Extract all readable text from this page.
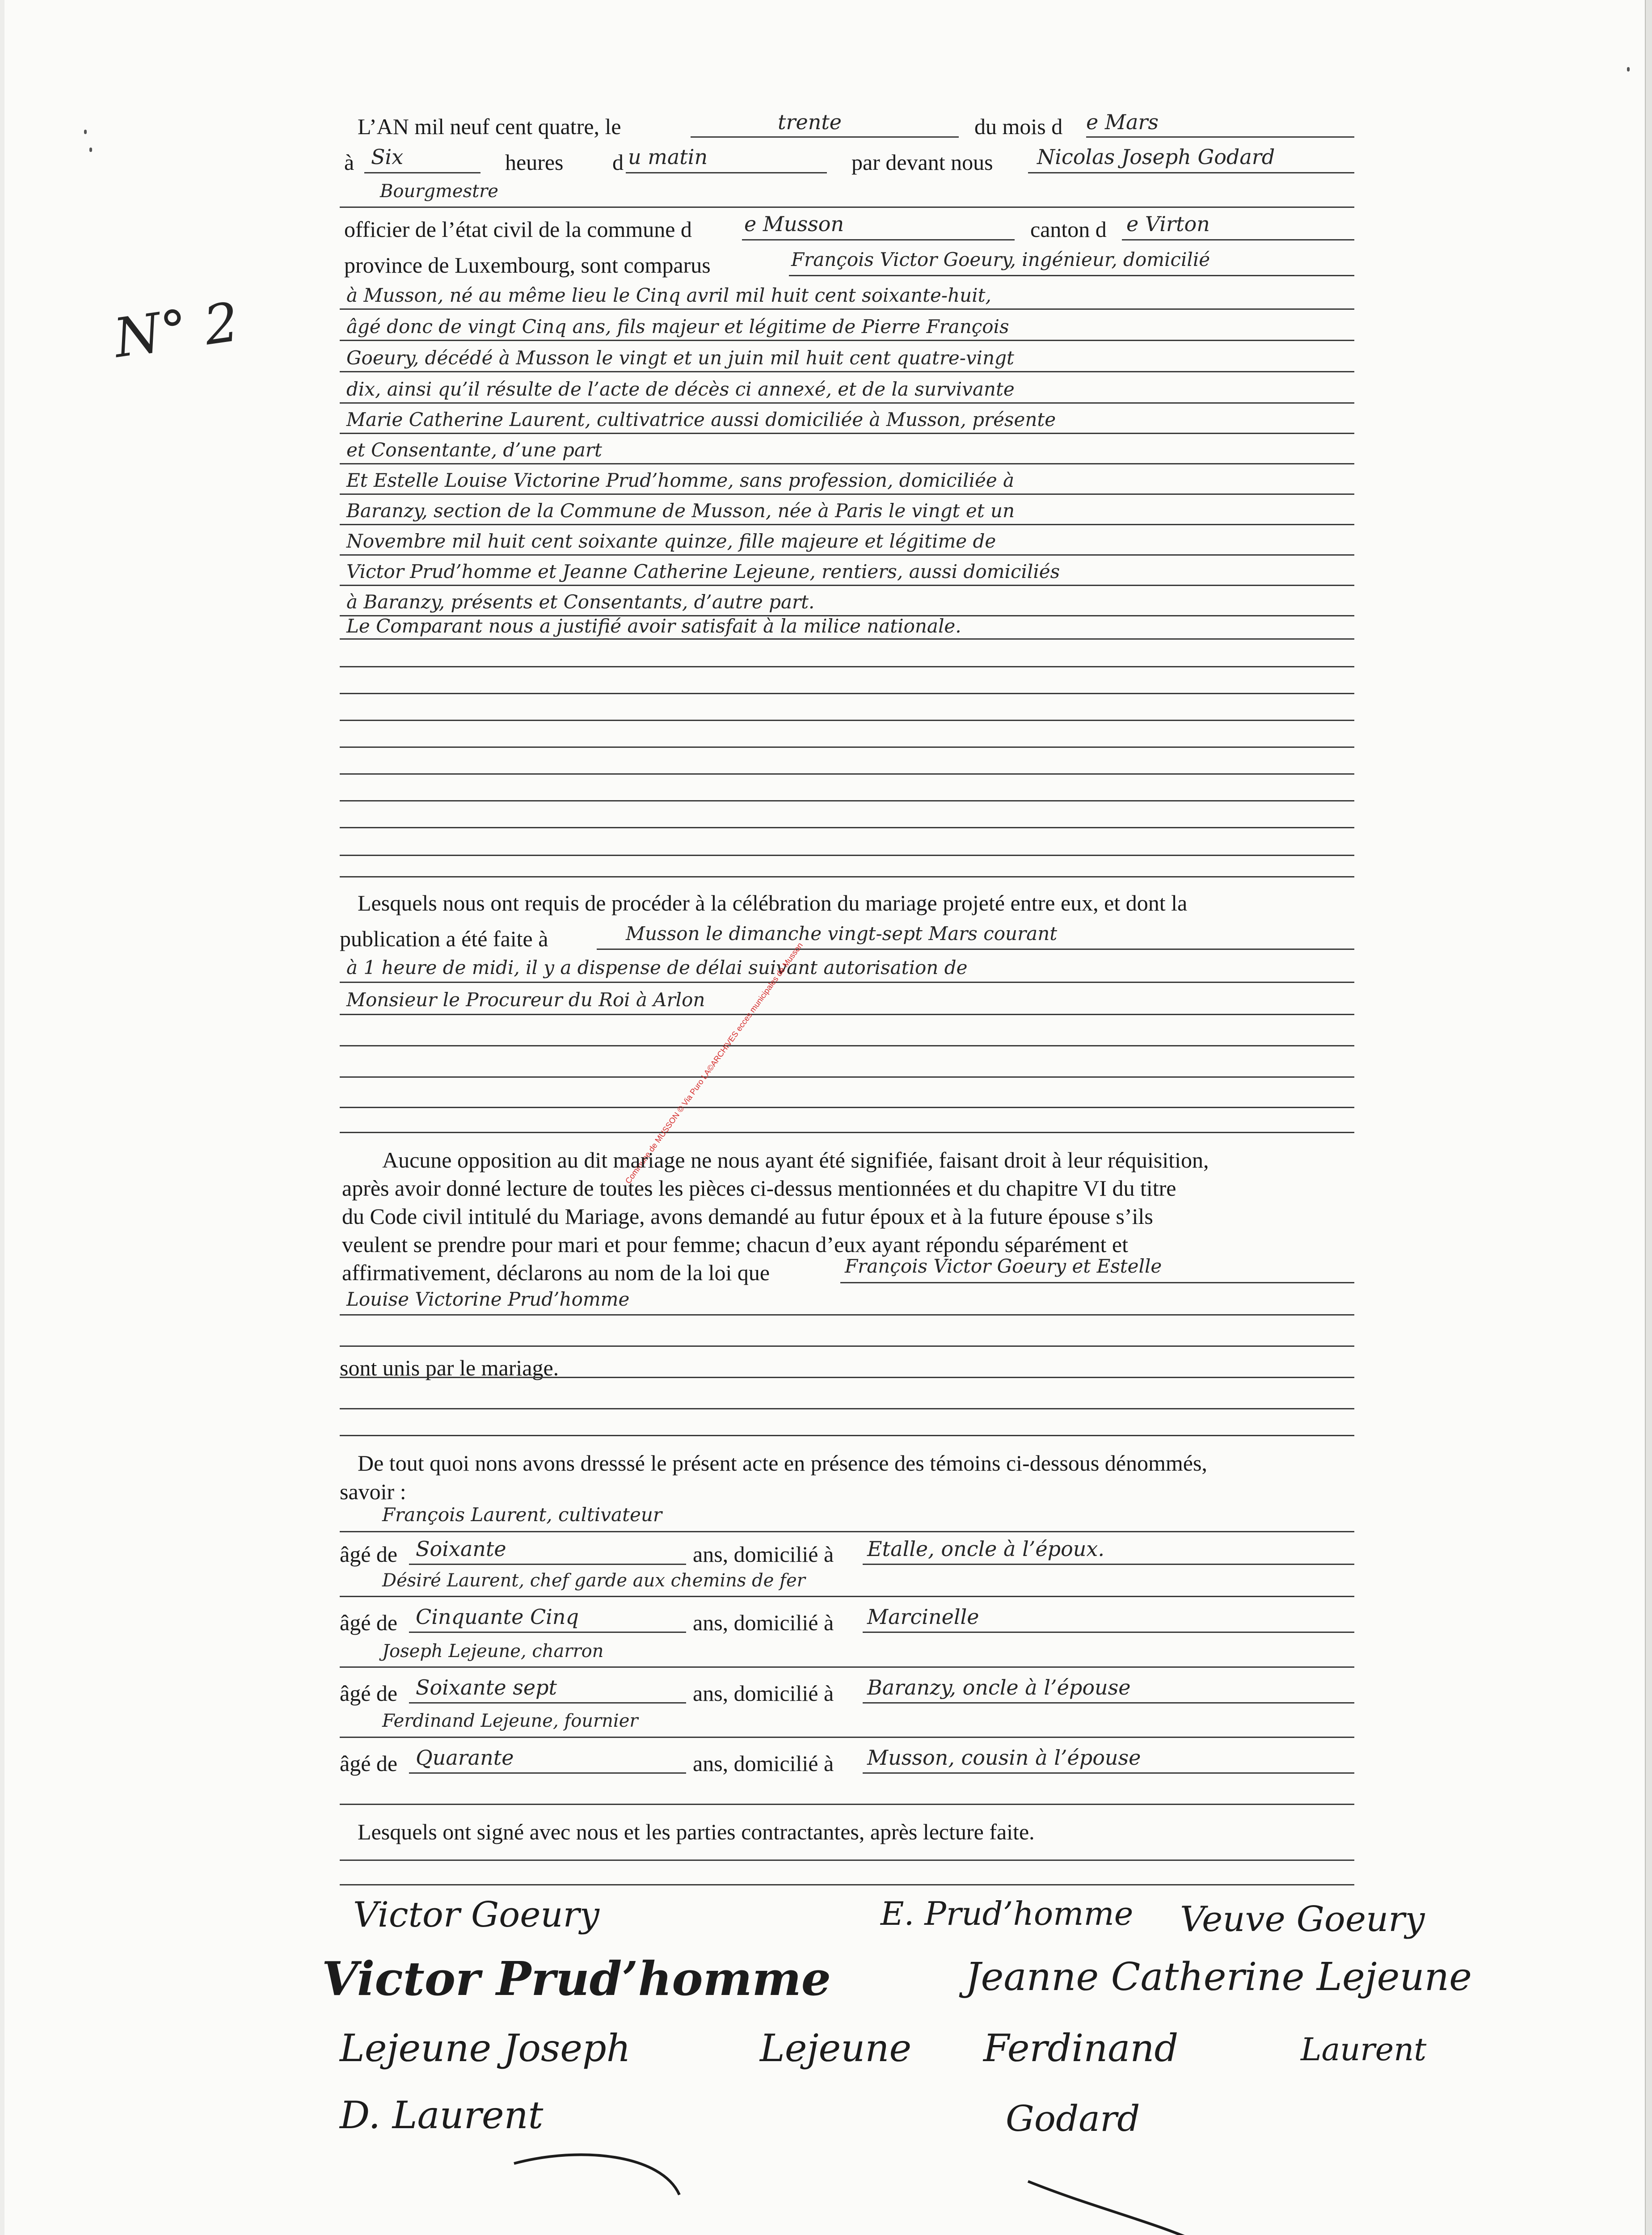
N° 2
L’AN mil neuf cent quatre, le	trente	du mois d e Mars
à Six	heures d u matin	par devant nous Nicolas Joseph Godard
Bourgmestre
officier de l’état civil de la commune d	e Musson	canton d e Virton
province de Luxembourg, sont comparus	François Victor Goeury, ingénieur, domicilié
à Musson, né au même lieu le Cinq avril mil huit cent soixante-huit,
âgé donc de vingt Cinq ans, fils majeur et légitime de Pierre François
Goeury, décédé à Musson le vingt et un juin mil huit cent quatre-vingt
dix, ainsi qu’il résulte de l’acte de décès ci annexé, et de la survivante
Marie Catherine Laurent, cultivatrice aussi domiciliée à Musson, présente
et Consentante, d’une part
Et Estelle Louise Victorine Prud’homme, sans profession, domiciliée à
Baranzy, section de la Commune de Musson, née à Paris le vingt et un
Novembre mil huit cent soixante quinze, fille majeure et légitime de
Victor Prud’homme et Jeanne Catherine Lejeune, rentiers, aussi domiciliés
à Baranzy, présents et Consentants, d’autre part.
Le Comparant nous a justifié avoir satisfait à la milice nationale.
Lesquels nous ont requis de procéder à la célébration du mariage projeté entre eux, et dont la
publication a été faite à	Musson le dimanche vingt-sept Mars courant
à 1 heure de midi, il y a dispense de délai suivant autorisation de
Monsieur le Procureur du Roi à Arlon
Commune de MUSSON © Via Puro LA©ARCHIVES ecces municipales de Musson
Aucune opposition au dit mariage ne nous ayant été signifiée, faisant droit à leur réquisition,
après avoir donné lecture de toutes les pièces ci-dessus mentionnées et du chapitre VI du titre
du Code civil intitulé du Mariage, avons demandé au futur époux et à la future épouse s’ils
veulent se prendre pour mari et pour femme; chacun d’eux ayant répondu séparément et
affirmativement, déclarons au nom de la loi que	François Victor Goeury et Estelle
Louise Victorine Prud’homme
sont unis par le mariage.
De tout quoi nons avons dresssé le présent acte en présence des témoins ci-dessous dénommés,
savoir :
François Laurent, cultivateur
âgé de Soixante	ans, domicilié à Etalle, oncle à l’époux.
Désiré Laurent, chef garde aux chemins de fer
âgé de Cinquante Cinq	ans, domicilié à Marcinelle
Joseph Lejeune, charron
âgé de Soixante sept	ans, domicilié à Baranzy, oncle à l’épouse
Ferdinand Lejeune, fournier
âgé de Quarante	ans, domicilié à Musson, cousin à l’épouse
Lesquels ont signé avec nous et les parties contractantes, après lecture faite.
Victor Goeury	E. Prud’homme Veuve Goeury
Victor Prud’homme	Jeanne Catherine Lejeune
Lejeune Joseph	Lejeune Ferdinand	Laurent
D. Laurent	Godard
